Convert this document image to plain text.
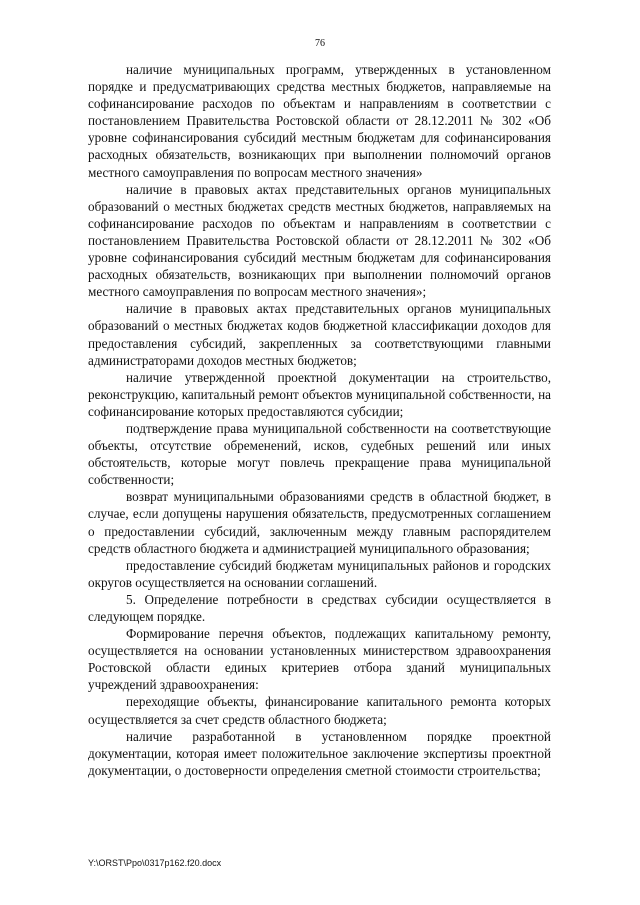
76

наличие муниципальных программ, утвержденных в установленном порядке и предусматривающих средства местных бюджетов, направляемые на софинансирование расходов по объектам и направлениям в соответствии с постановлением Правительства Ростовской области от 28.12.2011 № 302 «Об уровне софинансирования субсидий местным бюджетам для софинансирования расходных обязательств, возникающих при выполнении полномочий органов местного самоуправления по вопросам местного значения»

наличие в правовых актах представительных органов муниципальных образований о местных бюджетах средств местных бюджетов, направляемых на софинансирование расходов по объектам и направлениям в соответствии с постановлением Правительства Ростовской области от 28.12.2011 № 302 «Об уровне софинансирования субсидий местным бюджетам для софинансирования расходных обязательств, возникающих при выполнении полномочий органов местного самоуправления по вопросам местного значения»;

наличие в правовых актах представительных органов муниципальных образований о местных бюджетах кодов бюджетной классификации доходов для предоставления субсидий, закрепленных за соответствующими главными администраторами доходов местных бюджетов;

наличие утвержденной проектной документации на строительство, реконструкцию, капитальный ремонт объектов муниципальной собственности, на софинансирование которых предоставляются субсидии;

подтверждение права муниципальной собственности на соответствующие объекты, отсутствие обременений, исков, судебных решений или иных обстоятельств, которые могут повлечь прекращение права муниципальной собственности;

возврат муниципальными образованиями средств в областной бюджет, в случае, если допущены нарушения обязательств, предусмотренных соглашением о предоставлении субсидий, заключенным между главным распорядителем средств областного бюджета и администрацией муниципального образования;

предоставление субсидий бюджетам муниципальных районов и городских округов осуществляется на основании соглашений.

5. Определение потребности в средствах субсидии осуществляется в следующем порядке.

Формирование перечня объектов, подлежащих капитальному ремонту, осуществляется на основании установленных министерством здравоохранения Ростовской области единых критериев отбора зданий муниципальных учреждений здравоохранения:

переходящие объекты, финансирование капитального ремонта которых осуществляется за счет средств областного бюджета;

наличие разработанной в установленном порядке проектной документации, которая имеет положительное заключение экспертизы проектной документации, о достоверности определения сметной стоимости строительства;

Y:\ORST\Ppo\0317p162.f20.docx
